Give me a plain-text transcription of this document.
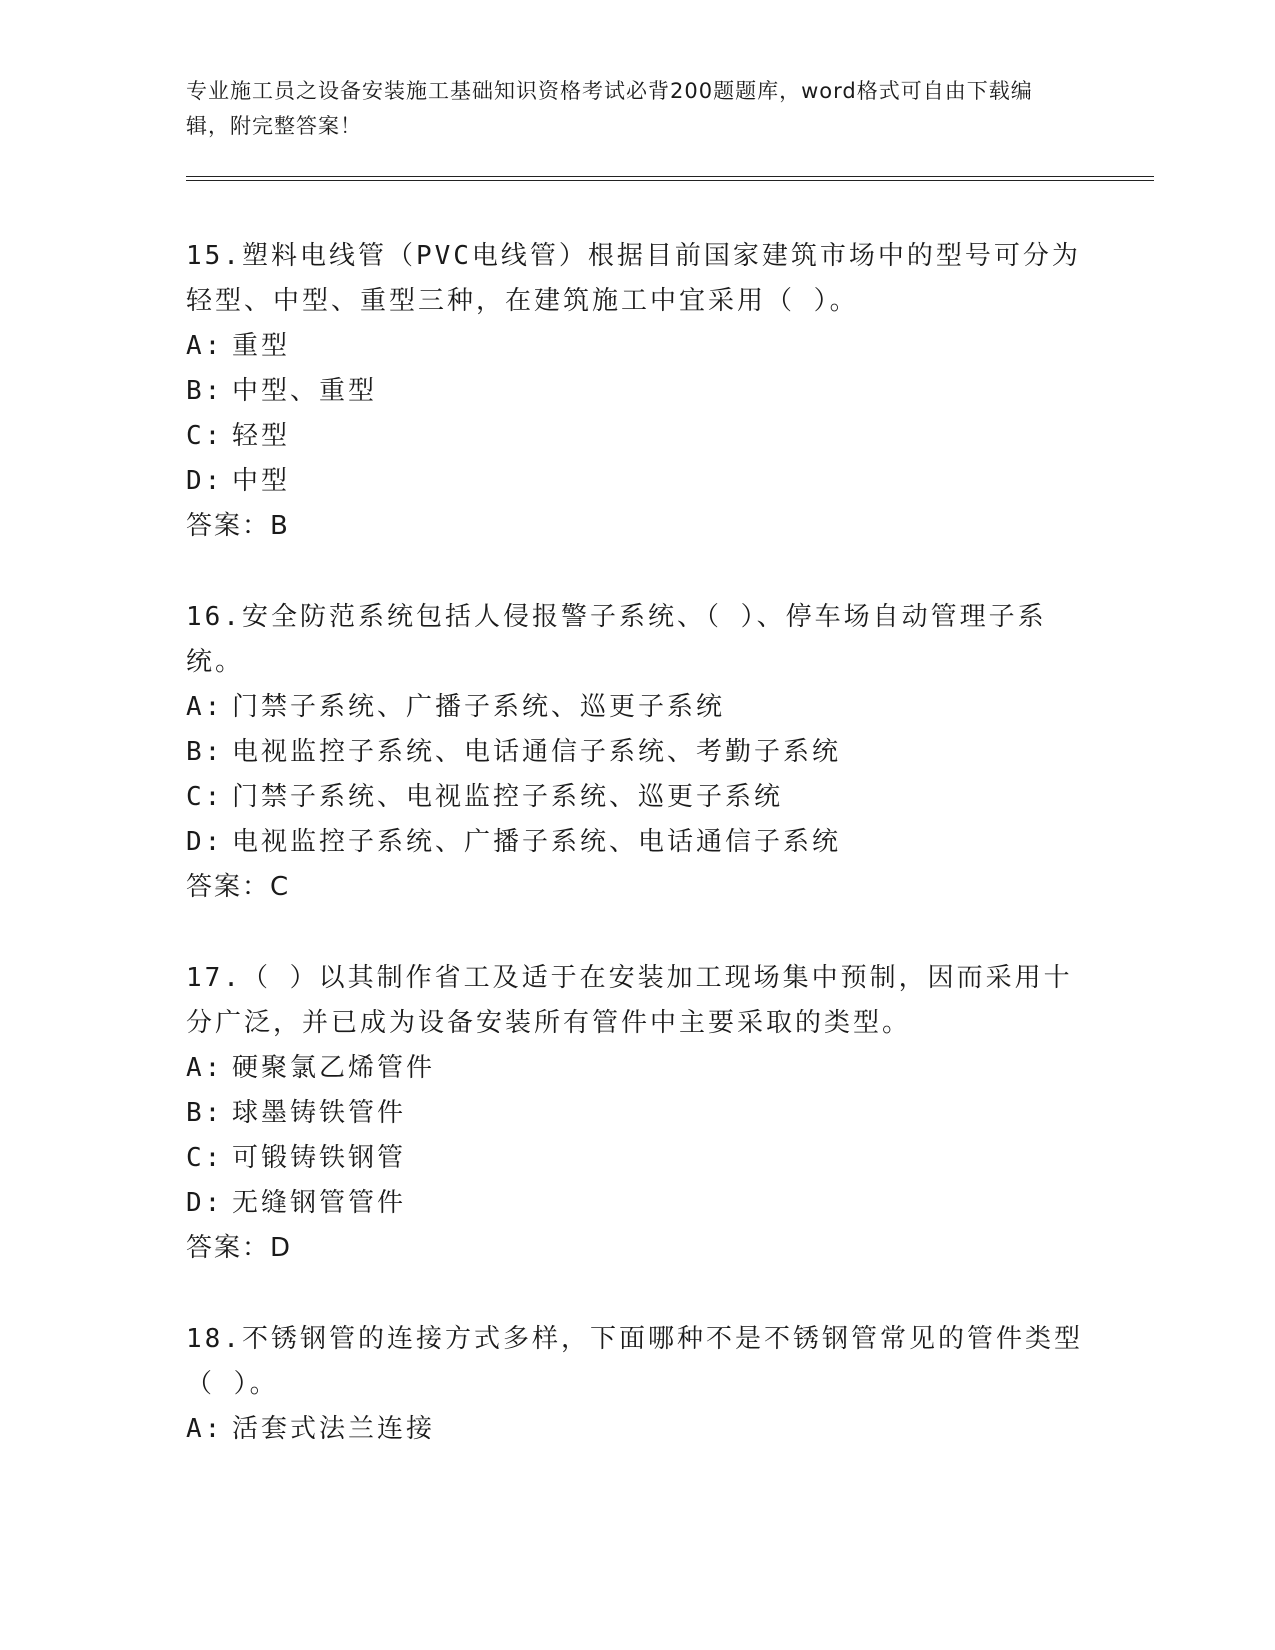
专业施工员之设备安装施工基础知识资格考试必背200题题库，word格式可自由下载编辑，附完整答案！

15.塑料电线管（PVC电线管）根据目前国家建筑市场中的型号可分为轻型、中型、重型三种，在建筑施工中宜采用（ ）。

A: 重型

B: 中型、重型

C: 轻型

D: 中型

答案：B

16.安全防范系统包括人侵报警子系统、（ ）、停车场自动管理子系统。

A: 门禁子系统、广播子系统、巡更子系统

B: 电视监控子系统、电话通信子系统、考勤子系统

C: 门禁子系统、电视监控子系统、巡更子系统

D: 电视监控子系统、广播子系统、电话通信子系统

答案：C

17.（ ）以其制作省工及适于在安装加工现场集中预制，因而采用十分广泛，并已成为设备安装所有管件中主要采取的类型。

A: 硬聚氯乙烯管件

B: 球墨铸铁管件

C: 可锻铸铁钢管

D: 无缝钢管管件

答案：D

18.不锈钢管的连接方式多样，下面哪种不是不锈钢管常见的管件类型（ ）。

A: 活套式法兰连接
